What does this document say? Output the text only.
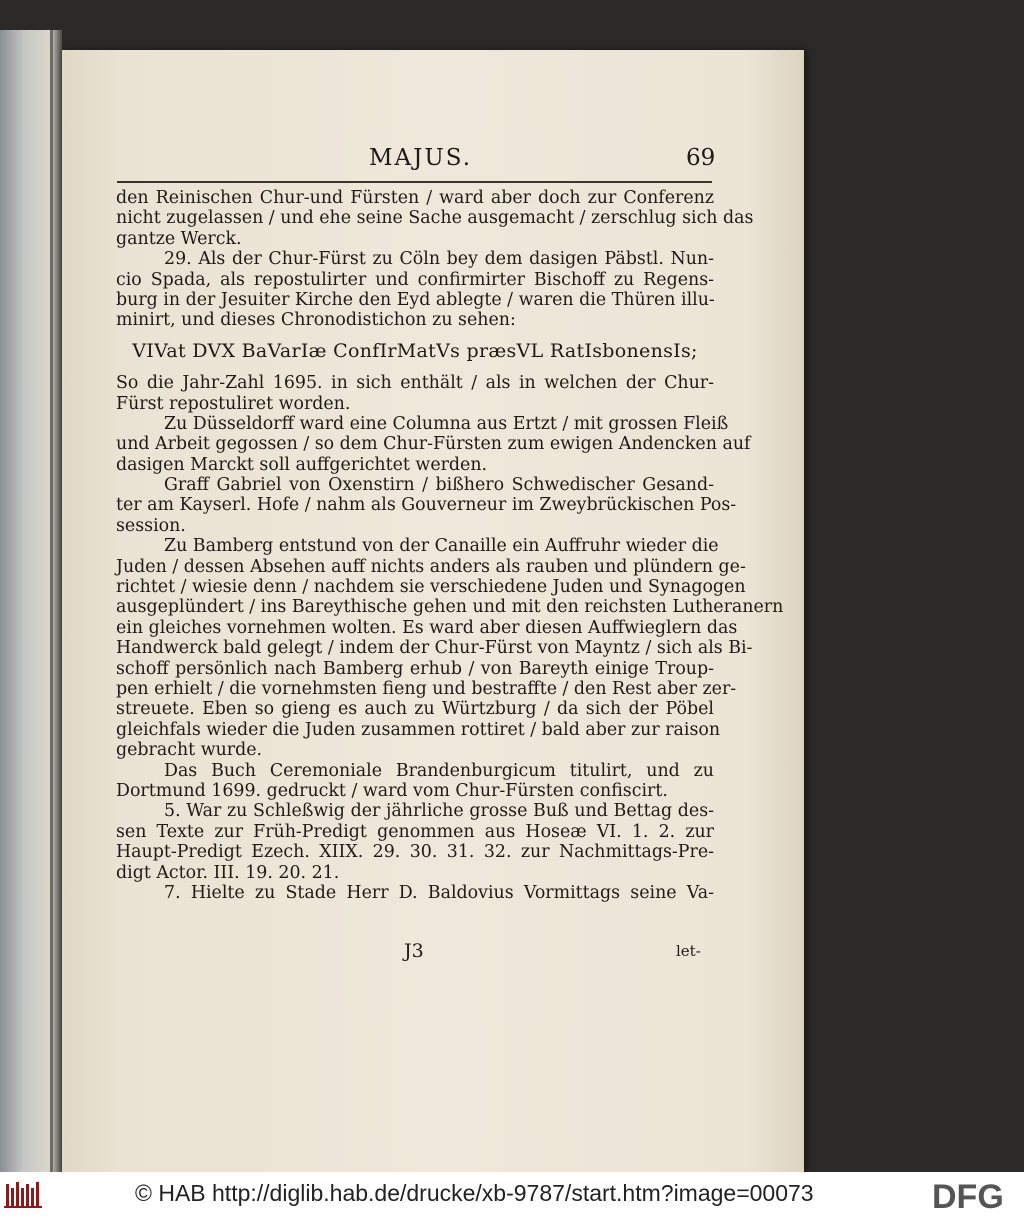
MAJUS.	69
den Reinischen Chur-und Fürsten / ward aber doch zur Conferenz
nicht zugelassen / und ehe seine Sache ausgemacht / zerschlug sich das
gantze Werck.
29. Als der Chur-Fürst zu Cöln bey dem dasigen Päbstl. Nun-
cio Spada, als repostulirter und confirmirter Bischoff zu Regens-
burg in der Jesuiter Kirche den Eyd ablegte / waren die Thüren illu-
minirt, und dieses Chronodistichon zu sehen:
VIVat DVX BaVarIæ ConfIrMatVs præsVL RatIsbonensIs;
So die Jahr-Zahl 1695. in sich enthält / als in welchen der Chur-
Fürst repostuliret worden.
Zu Düsseldorff ward eine Columna aus Ertzt / mit grossen Fleiß
und Arbeit gegossen / so dem Chur-Fürsten zum ewigen Andencken auf
dasigen Marckt soll auffgerichtet werden.
Graff Gabriel von Oxenstirn / bißhero Schwedischer Gesand-
ter am Kayserl. Hofe / nahm als Gouverneur im Zweybrückischen Pos-
session.
Zu Bamberg entstund von der Canaille ein Auffruhr wieder die
Juden / dessen Absehen auff nichts anders als rauben und plündern ge-
richtet / wiesie denn / nachdem sie verschiedene Juden und Synagogen
ausgeplündert / ins Bareythische gehen und mit den reichsten Lutheranern
ein gleiches vornehmen wolten. Es ward aber diesen Auffwieglern das
Handwerck bald gelegt / indem der Chur-Fürst von Mayntz / sich als Bi-
schoff persönlich nach Bamberg erhub / von Bareyth einige Troup-
pen erhielt / die vornehmsten fieng und bestraffte / den Rest aber zer-
streuete. Eben so gieng es auch zu Würtzburg / da sich der Pöbel
gleichfals wieder die Juden zusammen rottiret / bald aber zur raison
gebracht wurde.
Das Buch Ceremoniale Brandenburgicum titulirt, und zu
Dortmund 1699. gedruckt / ward vom Chur-Fürsten confiscirt.
5. War zu Schleßwig der jährliche grosse Buß und Bettag des-
sen Texte zur Früh-Predigt genommen aus Hoseæ VI. 1. 2. zur
Haupt-Predigt Ezech. XIIX. 29. 30. 31. 32. zur Nachmittags-Pre-
digt Actor. III. 19. 20. 21.
7. Hielte zu Stade Herr D. Baldovius Vormittags seine Va-
J3	let-
© HAB http://diglib.hab.de/drucke/xb-9787/start.htm?image=00073	DFG
